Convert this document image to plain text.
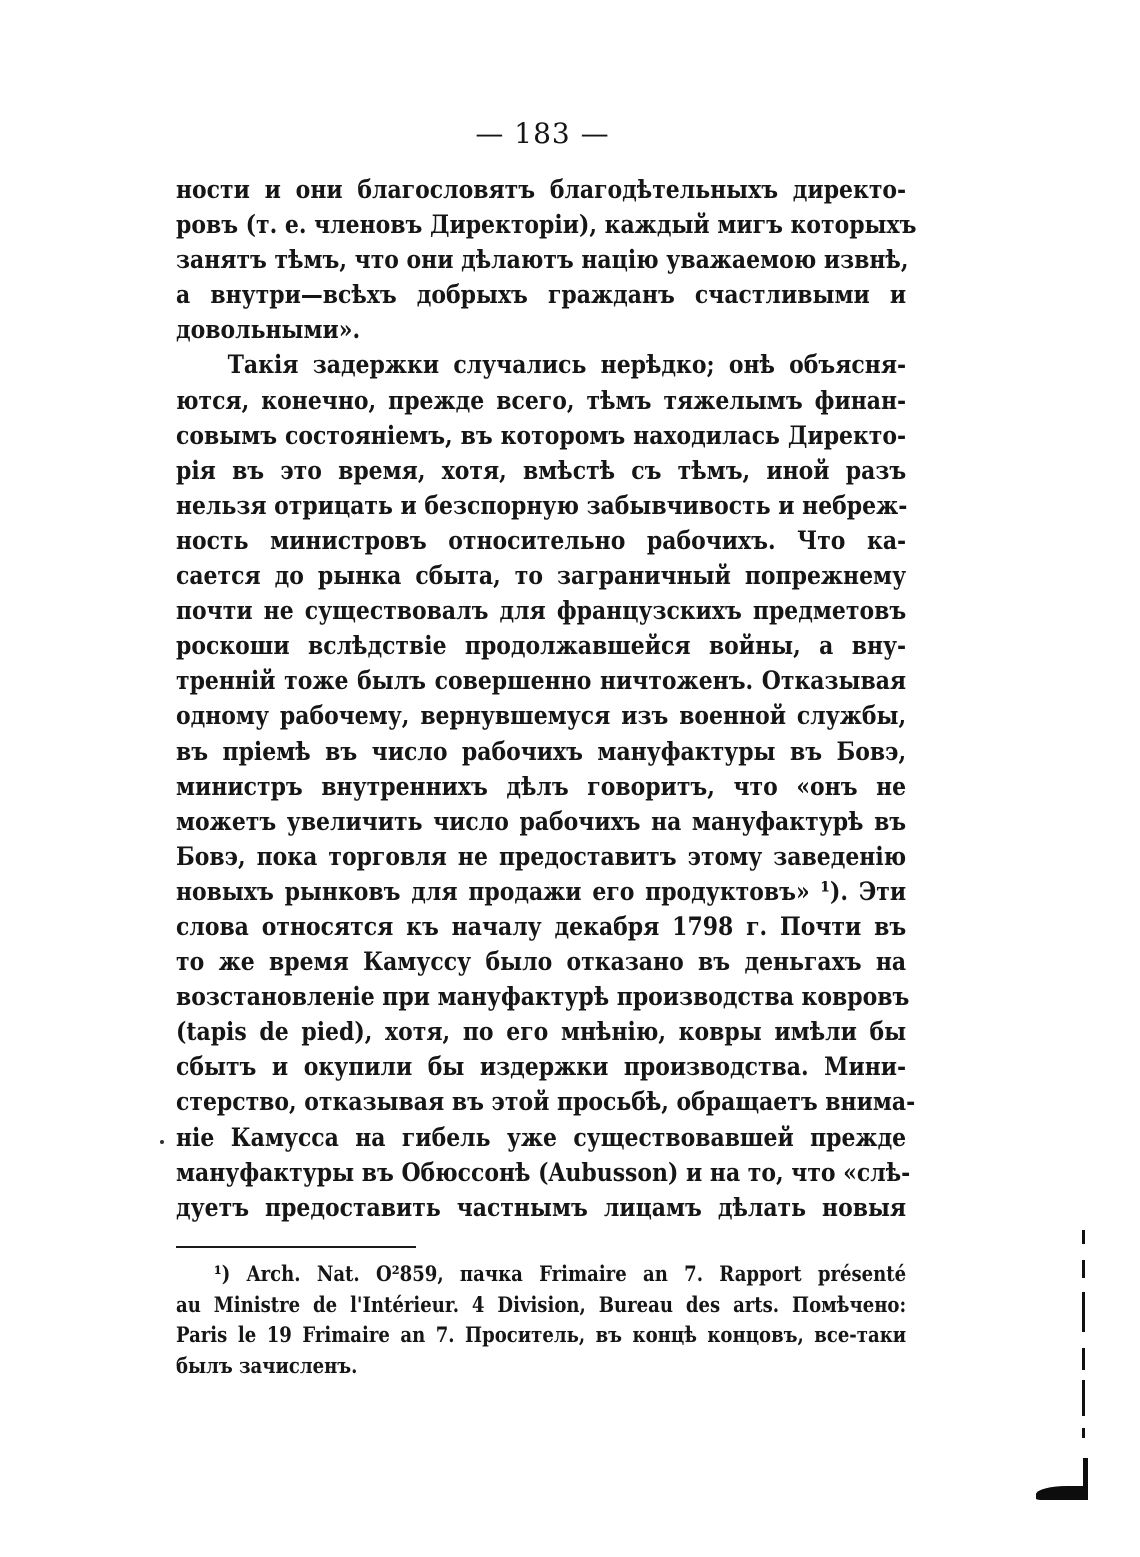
— 183 —
ности и они благословятъ благодѣтельныхъ директо-
ровъ (т. е. членовъ Директоріи), каждый мигъ которыхъ
занятъ тѣмъ, что они дѣлаютъ націю уважаемою извнѣ,
а внутри—всѣхъ добрыхъ гражданъ счастливыми и
довольными».
Такія задержки случались нерѣдко; онѣ объясня-
ются, конечно, прежде всего, тѣмъ тяжелымъ финан-
совымъ состояніемъ, въ которомъ находилась Директо-
рія въ это время, хотя, вмѣстѣ съ тѣмъ, иной разъ
нельзя отрицать и безспорную забывчивость и небреж-
ность министровъ относительно рабочихъ. Что ка-
сается до рынка сбыта, то заграничный попрежнему
почти не существовалъ для французскихъ предметовъ
роскоши вслѣдствіе продолжавшейся войны, а вну-
тренній тоже былъ совершенно ничтоженъ. Отказывая
одному рабочему, вернувшемуся изъ военной службы,
въ пріемѣ въ число рабочихъ мануфактуры въ Бовэ,
министръ внутреннихъ дѣлъ говоритъ, что «онъ не
можетъ увеличить число рабочихъ на мануфактурѣ въ
Бовэ, пока торговля не предоставитъ этому заведенію
новыхъ рынковъ для продажи его продуктовъ» ¹). Эти
слова относятся къ началу декабря 1798 г. Почти въ
то же время Камуссу было отказано въ деньгахъ на
возстановленіе при мануфактурѣ производства ковровъ
(tapis de pied), хотя, по его мнѣнію, ковры имѣли бы
сбытъ и окупили бы издержки производства. Мини-
стерство, отказывая въ этой просьбѣ, обращаетъ внима-
ніе Камусса на гибель уже существовавшей прежде
мануфактуры въ Обюссонѣ (Aubusson) и на то, что «слѣ-
дуетъ предоставить частнымъ лицамъ дѣлать новыя
¹) Arch. Nat. O²859, пачка Frimaire an 7. Rapport présenté
au Ministre de l'Intérieur. 4 Division, Bureau des arts. Помѣчено:
Paris le 19 Frimaire an 7. Проситель, въ концѣ концовъ, все-таки
былъ зачисленъ.
